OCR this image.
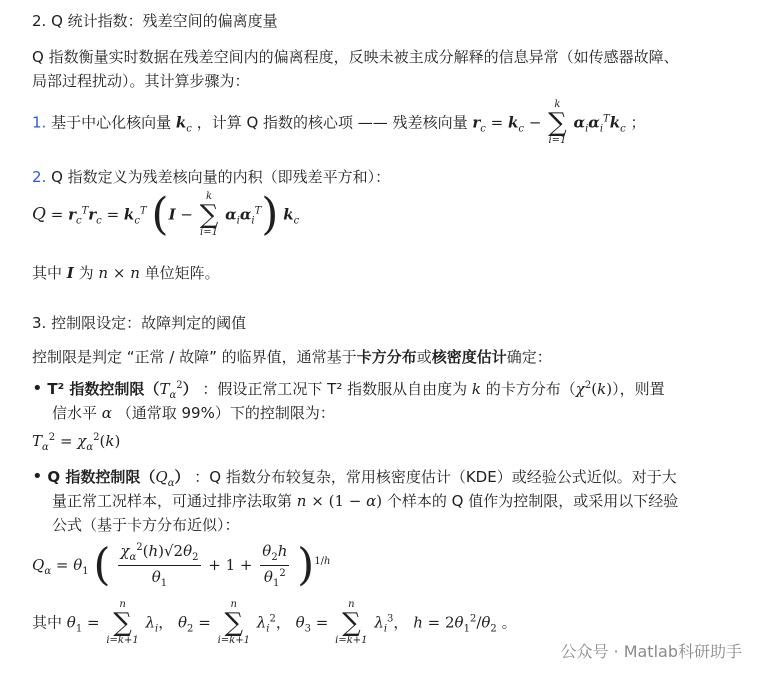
2. Q 统计指数：残差空间的偏离度量
Q 指数衡量实时数据在残差空间内的偏离程度，反映未被主成分解释的信息异常（如传感器故障、
局部过程扰动）。其计算步骤为：
1. 基于中心化核向量 $k_c$ ，计算 Q 指数的核心项 —— 残差核向量 $r_c = k_c$ −
k
∑
i=1
$\alpha_i\alpha_i^Tk_c$ ；
2. Q 指数定义为残差核向量的内积（即残差平方和）：
$Q = r_c^Tr_c = k_c^T$ (I −
k
∑
i=1
$\alpha_i\alpha_i^T$) $k_c$
其中 I 为 n × n 单位矩阵。
3. 控制限设定：故障判定的阈值
控制限是判定 “正常 / 故障” 的临界值，通常基于卡方分布或核密度估计确定：
• T² 指数控制限$(T_\alpha^2)$ ：假设正常工况下 T² 指数服从自由度为 k 的卡方分布$(\chi^2(k))$，则置
信水平 α （通常取 99%）下的控制限为：
$T_\alpha^2 = \chi_\alpha^2(k)$
• Q 指数控制限$(Q_\alpha)$ ：Q 指数分布较复杂，常用核密度估计（KDE）或经验公式近似。对于大
量正常工况样本，可通过排序法取第 n × (1 − α) 个样本的 Q 值作为控制限，或采用以下经验
公式（基于卡方分布近似）：
$Q_\alpha = \theta_1$ ( $\frac{\chi_\alpha^2(h)√2\theta_2}{\theta_1} + 1 + \frac{\theta_2h}{\theta_1^2} )^{1/h}$
其中 $\theta_1$ =
n
∑
i=k+1
$\lambda_i$， $\theta_2$ =
n
∑
i=k+1
$\lambda_i^2$， $\theta_3$ =
n
∑
i=k+1
$\lambda_i^3$， $h = 2\theta_1^2/\theta_2$ 。
公众号 · Matlab科研助手
